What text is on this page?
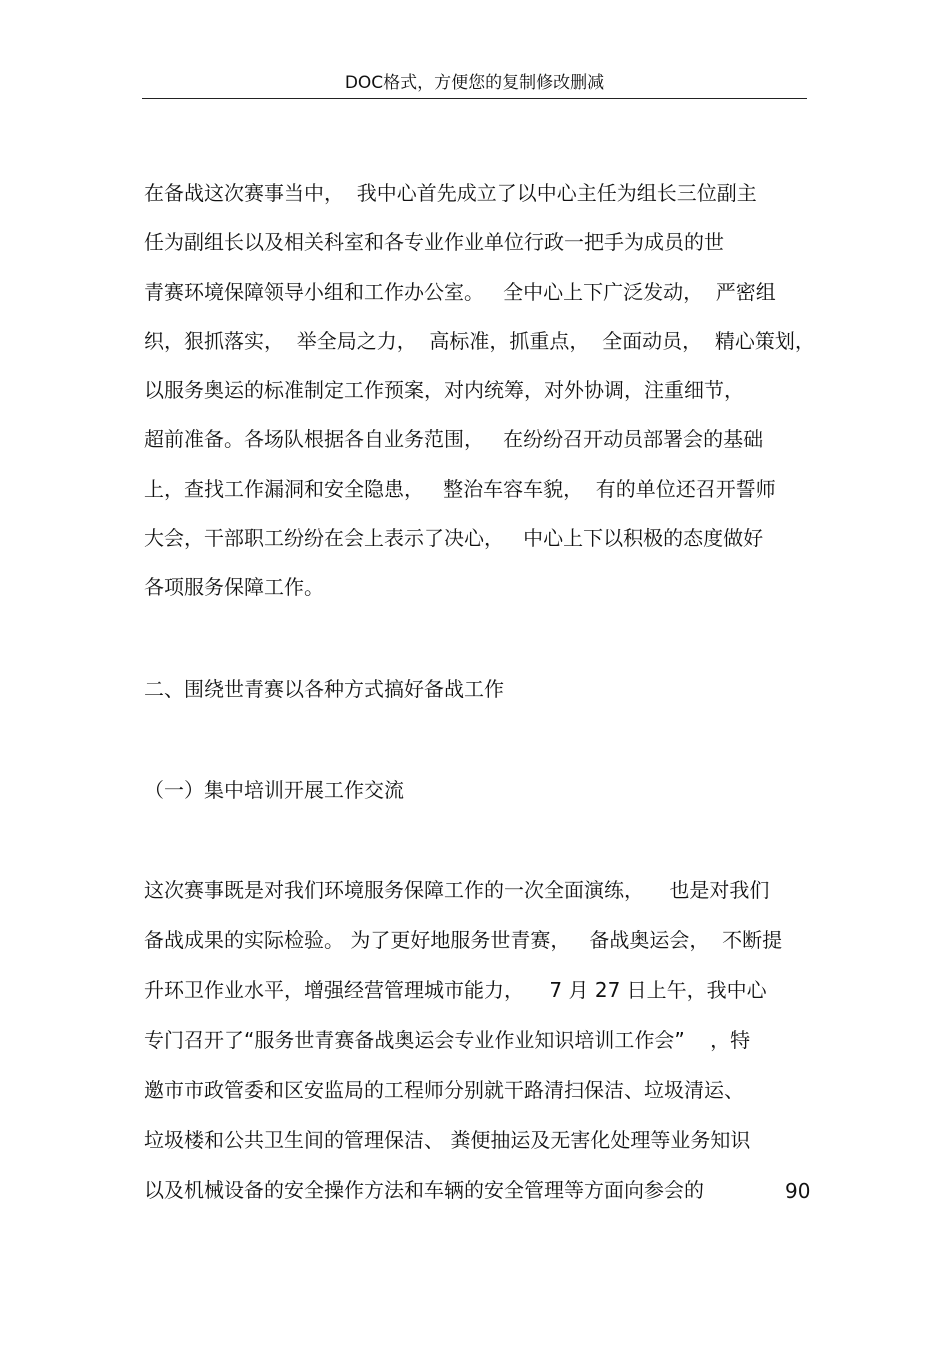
DOC格式，方便您的复制修改删减
在备战这次赛事当中，  我中心首先成立了以中心主任为组长三位副主
任为副组长以及相关科室和各专业作业单位行政一把手为成员的世
青赛环境保障领导小组和工作办公室。   全中心上下广泛发动，  严密组
织，狠抓落实，  举全局之力，  高标准，抓重点，  全面动员，  精心策划，
以服务奥运的标准制定工作预案，对内统筹，对外协调，注重细节，
超前准备。各场队根据各自业务范围，   在纷纷召开动员部署会的基础
上，查找工作漏洞和安全隐患，   整治车容车貌，  有的单位还召开誓师
大会，干部职工纷纷在会上表示了决心，   中心上下以积极的态度做好
各项服务保障工作。
二、围绕世青赛以各种方式搞好备战工作
（一）集中培训开展工作交流
这次赛事既是对我们环境服务保障工作的一次全面演练，    也是对我们
备战成果的实际检验。 为了更好地服务世青赛，   备战奥运会，  不断提
升环卫作业水平，增强经营管理城市能力，    7 月 27 日上午，我中心
专门召开了“服务世青赛备战奥运会专业作业知识培训工作会”    ，特
邀市市政管委和区安监局的工程师分别就干路清扫保洁、垃圾清运、
垃圾楼和公共卫生间的管理保洁、 粪便抽运及无害化处理等业务知识
以及机械设备的安全操作方法和车辆的安全管理等方面向参会的	90
